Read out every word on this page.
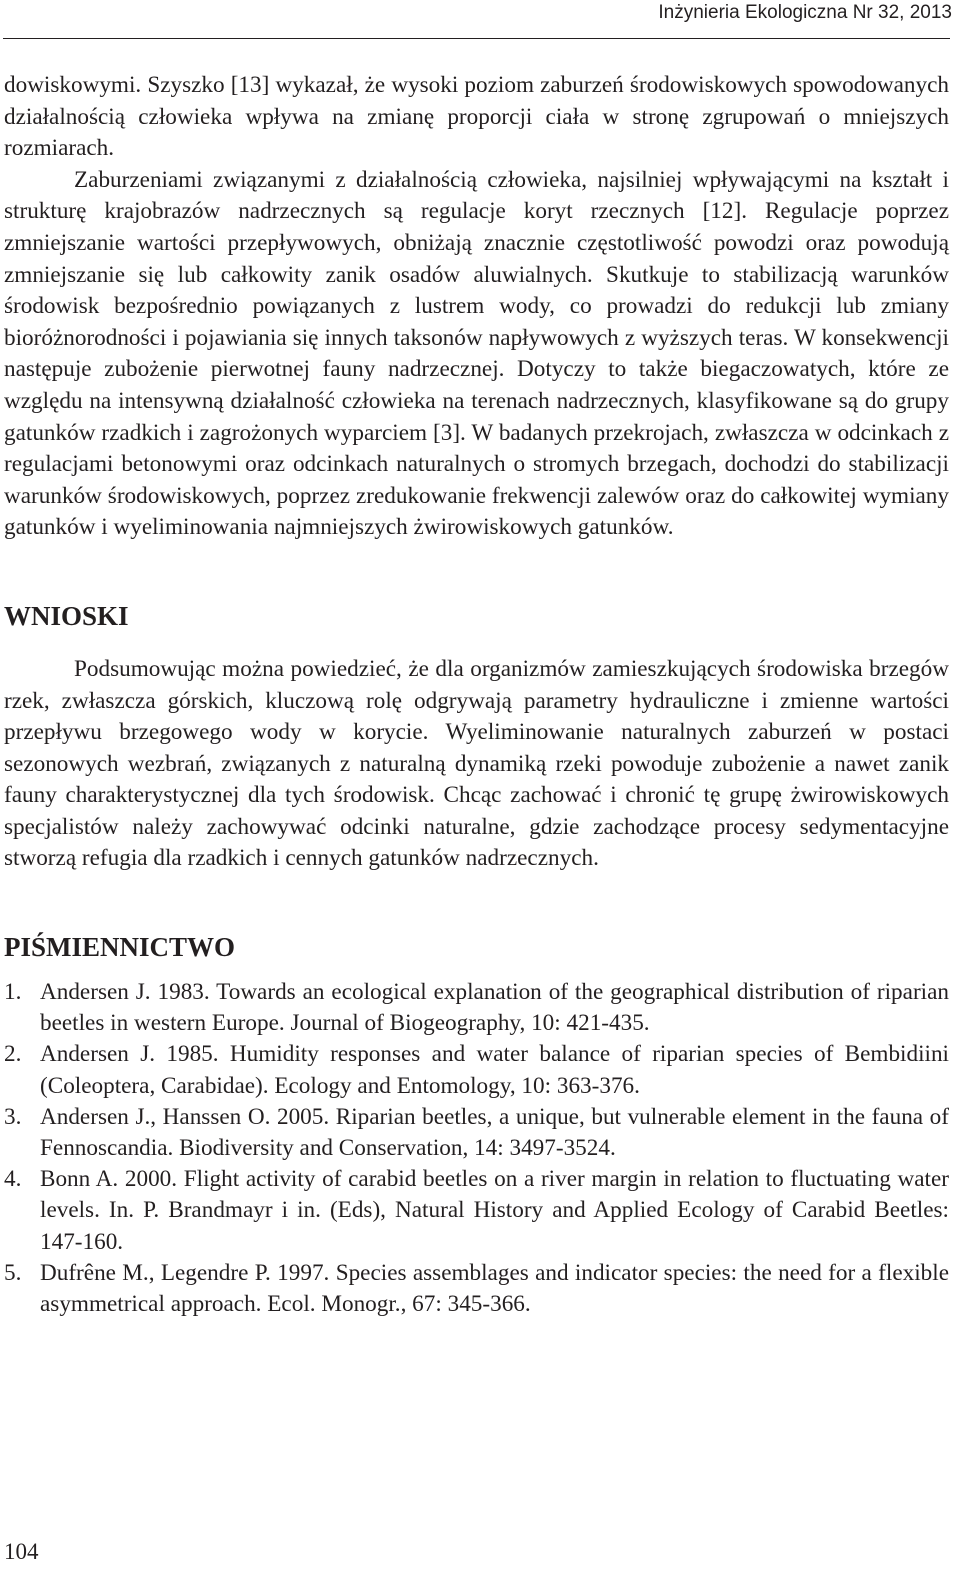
Inżynieria Ekologiczna Nr 32, 2013

dowiskowymi. Szyszko [13] wykazał, że wysoki poziom zaburzeń środowiskowych spowodowanych działalnością człowieka wpływa na zmianę proporcji ciała w stronę zgrupowań o mniejszych rozmiarach.

Zaburzeniami związanymi z działalnością człowieka, najsilniej wpływającymi na kształt i strukturę krajobrazów nadrzecznych są regulacje koryt rzecznych [12]. Regulacje poprzez zmniejszanie wartości przepływowych, obniżają znacznie częstotliwość powodzi oraz powodują zmniejszanie się lub całkowity zanik osadów aluwialnych. Skutkuje to stabilizacją warunków środowisk bezpośrednio powiązanych z lustrem wody, co prowadzi do redukcji lub zmiany bioróżnorodności i pojawiania się innych taksonów napływowych z wyższych teras. W konsekwencji następuje zubożenie pierwotnej fauny nadrzecznej. Dotyczy to także biegaczowatych, które ze względu na intensywną działalność człowieka na terenach nadrzecznych, klasyfikowane są do grupy gatunków rzadkich i zagrożonych wyparciem [3]. W badanych przekrojach, zwłaszcza w odcinkach z regulacjami betonowymi oraz odcinkach naturalnych o stromych brzegach, dochodzi do stabilizacji warunków środowiskowych, poprzez zredukowanie frekwencji zalewów oraz do całkowitej wymiany gatunków i wyeliminowania najmniejszych żwirowiskowych gatunków.

WNIOSKI

Podsumowując można powiedzieć, że dla organizmów zamieszkujących środowiska brzegów rzek, zwłaszcza górskich, kluczową rolę odgrywają parametry hydrauliczne i zmienne wartości przepływu brzegowego wody w korycie. Wyeliminowanie naturalnych zaburzeń w postaci sezonowych wezbrań, związanych z naturalną dynamiką rzeki powoduje zubożenie a nawet zanik fauny charakterystycznej dla tych środowisk. Chcąc zachować i chronić tę grupę żwirowiskowych specjalistów należy zachowywać odcinki naturalne, gdzie zachodzące procesy sedymentacyjne stworzą refugia dla rzadkich i cennych gatunków nadrzecznych.

PIŚMIENNICTWO
1. Andersen J. 1983. Towards an ecological explanation of the geographical distribution of riparian beetles in western Europe. Journal of Biogeography, 10: 421-435.
2. Andersen J. 1985. Humidity responses and water balance of riparian species of Bembidiini (Coleoptera, Carabidae). Ecology and Entomology, 10: 363-376.
3. Andersen J., Hanssen O. 2005. Riparian beetles, a unique, but vulnerable element in the fauna of Fennoscandia. Biodiversity and Conservation, 14: 3497-3524.
4. Bonn A. 2000. Flight activity of carabid beetles on a river margin in relation to fluctuating water levels. In. P. Brandmayr i in. (Eds), Natural History and Applied Ecology of Carabid Beetles: 147-160.
5. Dufrêne M., Legendre P. 1997. Species assemblages and indicator species: the need for a flexible asymmetrical approach. Ecol. Monogr., 67: 345-366.
104
